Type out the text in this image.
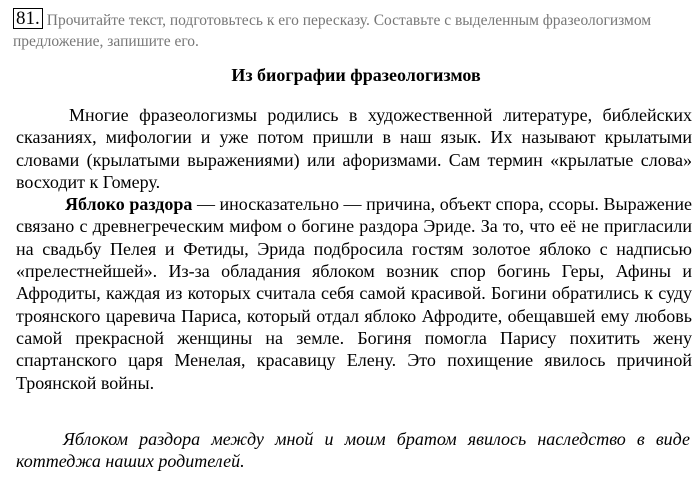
81. Прочитайте текст, подготовьтесь к его пересказу. Составьте с выделенным фразеологизмом предложение, запишите его.
Из биографии фразеологизмов

Многие фразеологизмы родились в художественной литературе, библейских сказаниях, мифологии и уже потом пришли в наш язык. Их называют крылатыми словами (крылатыми выражениями) или афоризмами. Сам термин «крылатые слова» восходит к Гомеру.

Яблоко раздора — иносказательно — причина, объект спора, ссоры. Выражение связано с древнегреческим мифом о богине раздора Эриде. За то, что её не пригласили на свадьбу Пелея и Фетиды, Эрида подбросила гостям золотое яблоко с надписью «прелестнейшей». Из-за обладания яблоком возник спор богинь Геры, Афины и Афродиты, каждая из которых считала себя самой красивой. Богини обратились к суду троянского царевича Париса, который отдал яблоко Афродите, обещавшей ему любовь самой прекрасной женщины на земле. Богиня помогла Парису похитить жену спартанского царя Менелая, красавицу Елену. Это похищение явилось причиной Троянской войны.

Яблоком раздора между мной и моим братом явилось наследство в виде коттеджа наших родителей.
